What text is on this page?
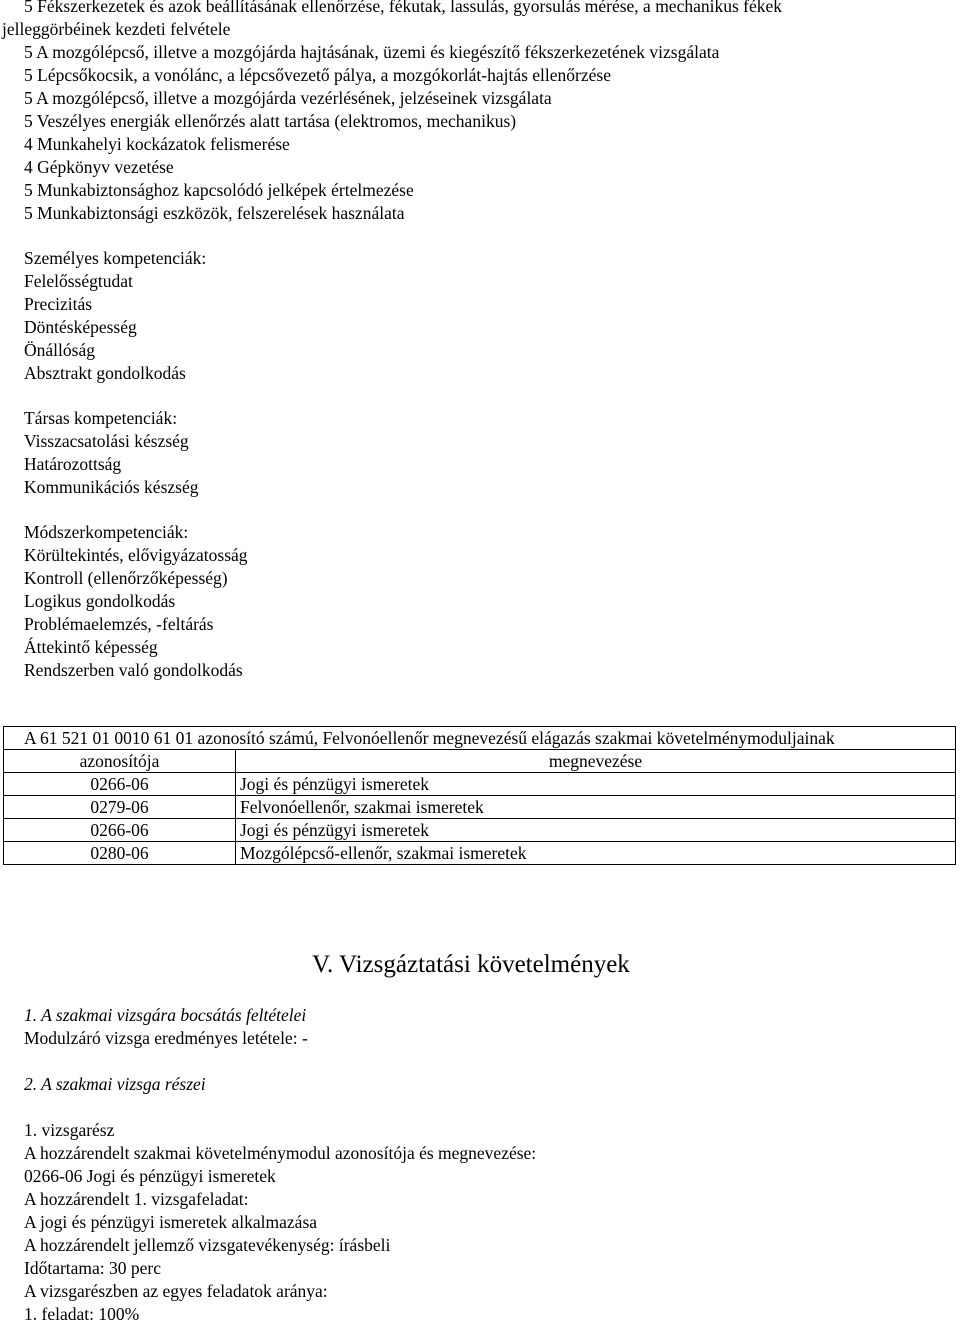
5 Fékszerkezetek és azok beállításának ellenőrzése, fékutak, lassulás, gyorsulás mérése, a mechanikus fékek
jelleggörbéinek kezdeti felvétele
5 A mozgólépcső, illetve a mozgójárda hajtásának, üzemi és kiegészítő fékszerkezetének vizsgálata
5 Lépcsőkocsik, a vonólánc, a lépcsővezető pálya, a mozgókorlát-hajtás ellenőrzése
5 A mozgólépcső, illetve a mozgójárda vezérlésének, jelzéseinek vizsgálata
5 Veszélyes energiák ellenőrzés alatt tartása (elektromos, mechanikus)
4 Munkahelyi kockázatok felismerése
4 Gépkönyv vezetése
5 Munkabiztonsághoz kapcsolódó jelképek értelmezése
5 Munkabiztonsági eszközök, felszerelések használata
Személyes kompetenciák:
Felelősségtudat
Precizitás
Döntésképesség
Önállóság
Absztrakt gondolkodás
Társas kompetenciák:
Visszacsatolási készség
Határozottság
Kommunikációs készség
Módszerkompetenciák:
Körültekintés, elővigyázatosság
Kontroll (ellenőrzőképesség)
Logikus gondolkodás
Problémaelemzés, -feltárás
Áttekintő képesség
Rendszerben való gondolkodás
A 61 521 01 0010 61 01 azonosító számú, Felvonóellenőr megnevezésű elágazás szakmai követelménymoduljainak	
azonosítója	megnevezése
0266-06	Jogi és pénzügyi ismeretek
0279-06	Felvonóellenőr, szakmai ismeretek
0266-06	Jogi és pénzügyi ismeretek
0280-06	Mozgólépcső-ellenőr, szakmai ismeretek
V. Vizsgáztatási követelmények
1. A szakmai vizsgára bocsátás feltételei
Modulzáró vizsga eredményes letétele: -
2. A szakmai vizsga részei
1. vizsgarész
A hozzárendelt szakmai követelménymodul azonosítója és megnevezése:
0266-06 Jogi és pénzügyi ismeretek
A hozzárendelt 1. vizsgafeladat:
A jogi és pénzügyi ismeretek alkalmazása
A hozzárendelt jellemző vizsgatevékenység: írásbeli
Időtartama: 30 perc
A vizsgarészben az egyes feladatok aránya:
1. feladat: 100%
